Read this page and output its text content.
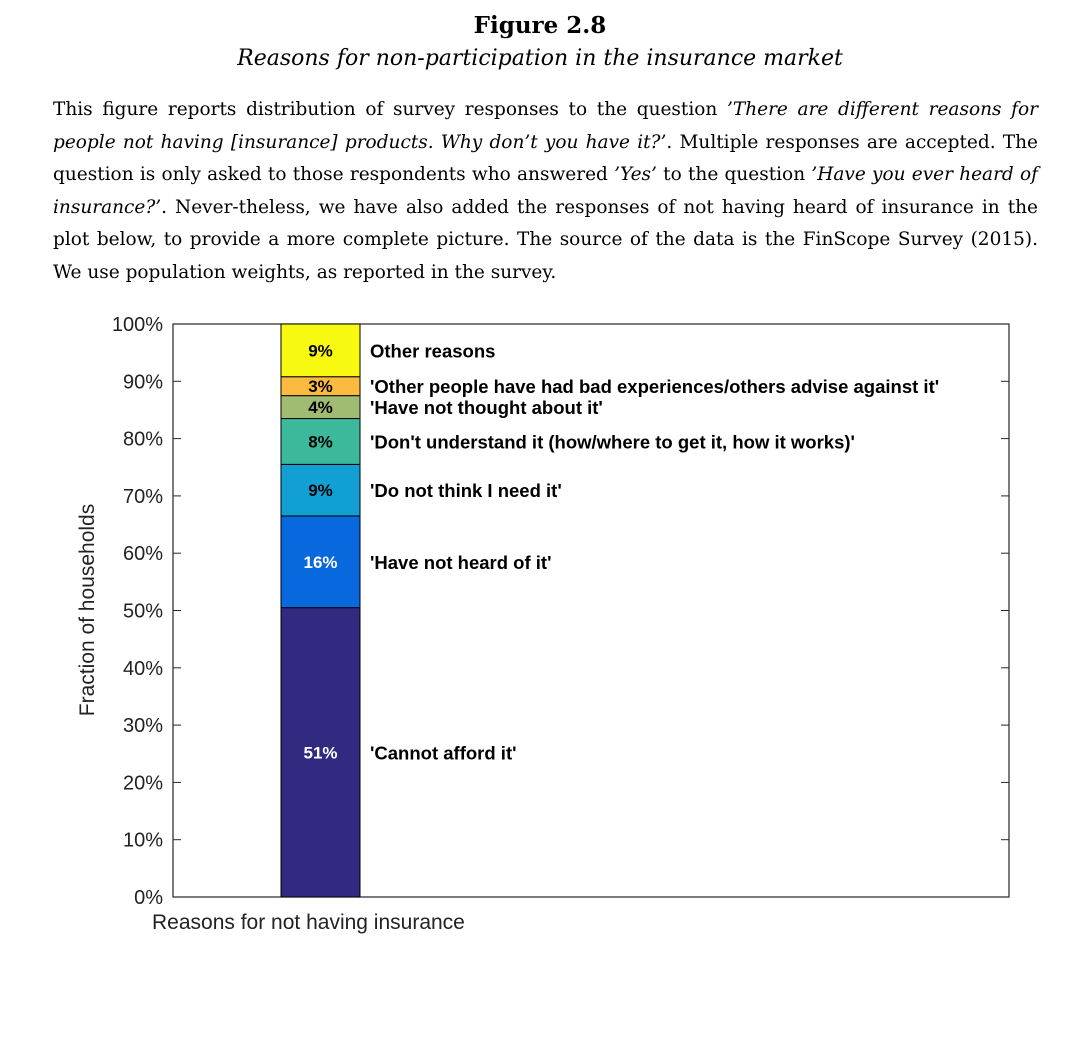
Figure 2.8
Reasons for non-participation in the insurance market
This figure reports distribution of survey responses to the question ’There are different reasons for people not having [insurance] products. Why don’t you have it?’. Multiple responses are accepted. The question is only asked to those respondents who answered ’Yes’ to the question ’Have you ever heard of insurance?’. Never-theless, we have also added the responses of not having heard of insurance in the plot below, to provide a more complete picture. The source of the data is the FinScope Survey (2015). We use population weights, as reported in the survey.
0%
10%
20%
30%
40%
50%
60%
70%
80%
90%
100%
51% 'Cannot afford it'
16% 'Have not heard of it'
9% 'Do not think I need it'
8% 'Don't understand it (how/where to get it, how it works)'
4% 'Have not thought about it'
3% 'Other people have had bad experiences/others advise against it'
9% Other reasons
Fraction of households
Reasons for not having insurance
